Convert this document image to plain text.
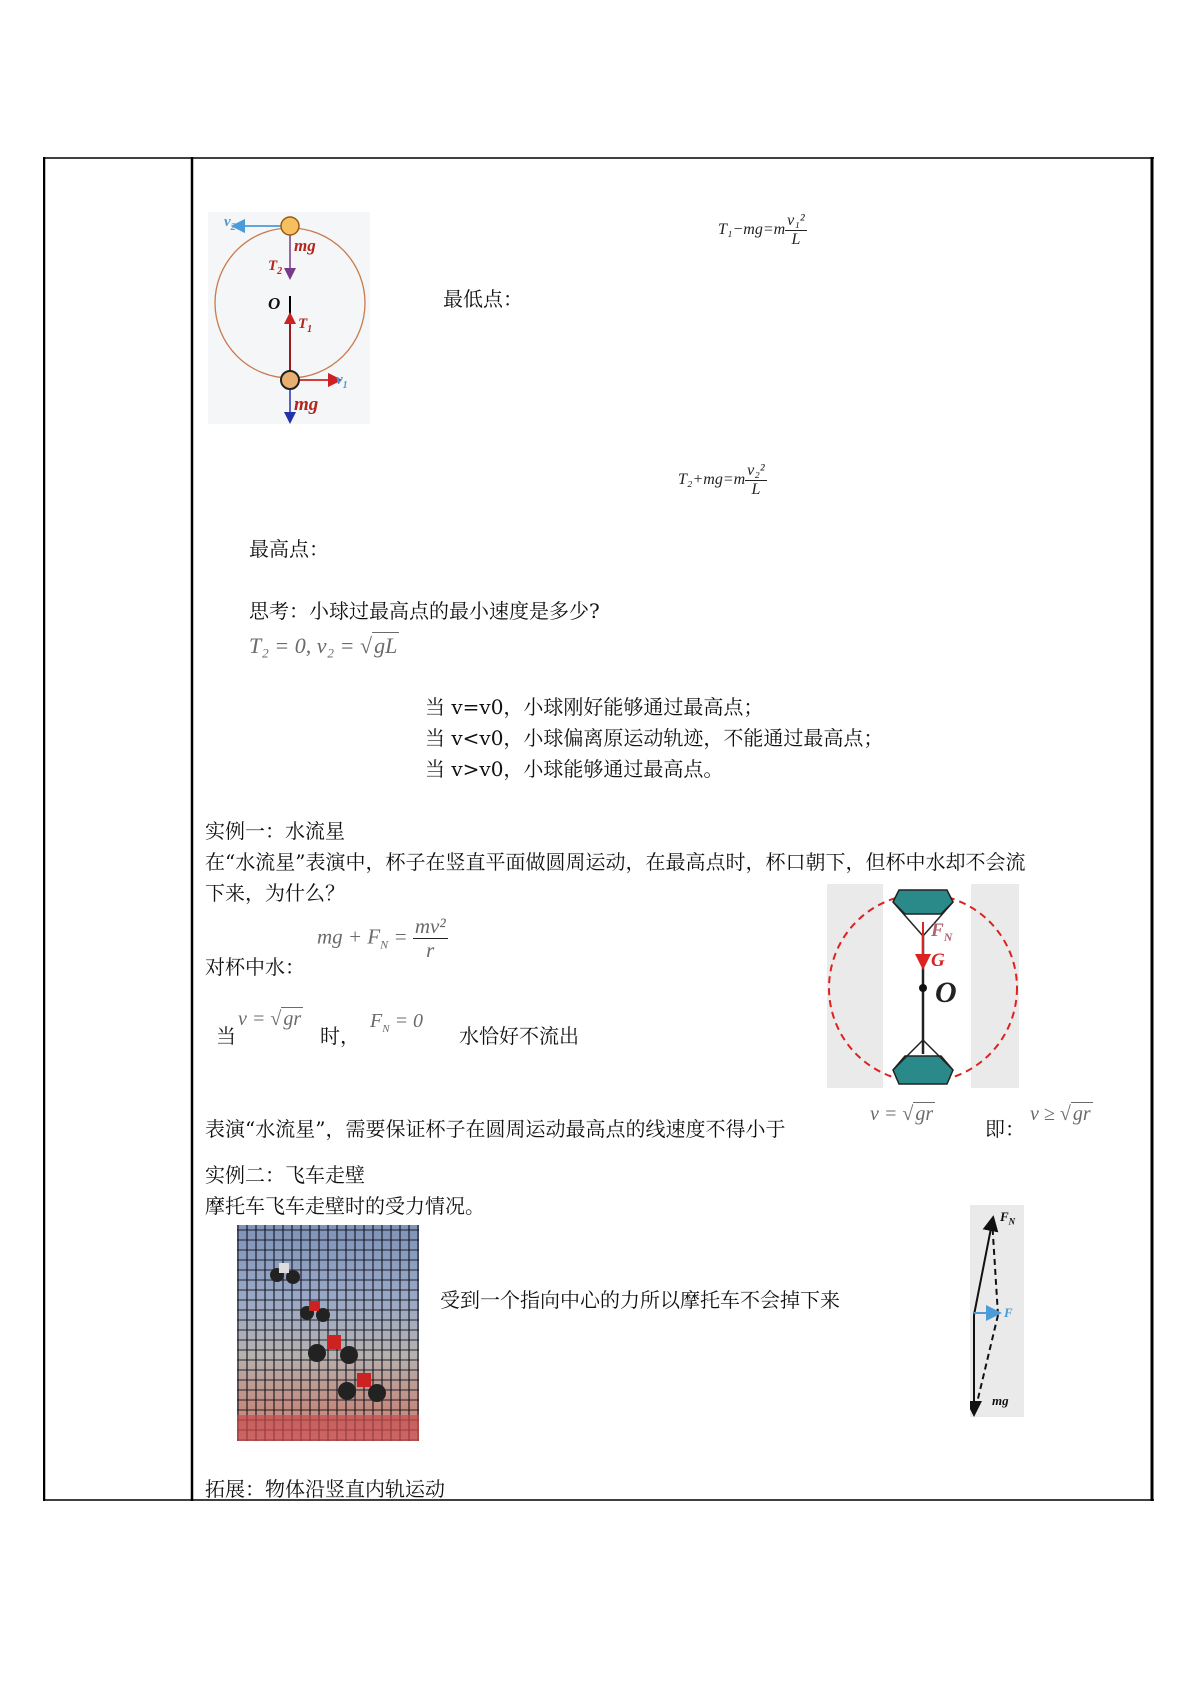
$v_2$
mg
$T_2$
O
$T_1$
$v_1$
mg
$T_1-mg=m \frac{\text{v₁²}}{L}$
最低点：
$T_2+mg=m \frac{\text{v₂²}}{L}$
最高点：
思考：小球过最高点的最小速度是多少?
T₂ = 0, v₂ = √gL
当 v=v0，小球刚好能够通过最高点；
当 v<v0，小球偏离原运动轨迹，不能通过最高点；
当 v>v0，小球能够通过最高点。
实例一：水流星
在“水流星”表演中，杯子在竖直平面做圆周运动，在最高点时，杯口朝下，但杯中水却不会流
下来，为什么？
mg + $F_N = \frac{\text{mv²}}{r}$
对杯中水：
当
v = √ gr
时，
$F_N = 0$
水恰好不流出
$F_N$
G
O
表演“水流星”，需要保证杯子在圆周运动最高点的线速度不得小于
v = √ gr
即：
v ≥ √ gr
实例二：飞车走壁
摩托车飞车走壁时的受力情况。
受到一个指向中心的力所以摩托车不会掉下来
$F_N$
F
mg
拓展：物体沿竖直内轨运动
